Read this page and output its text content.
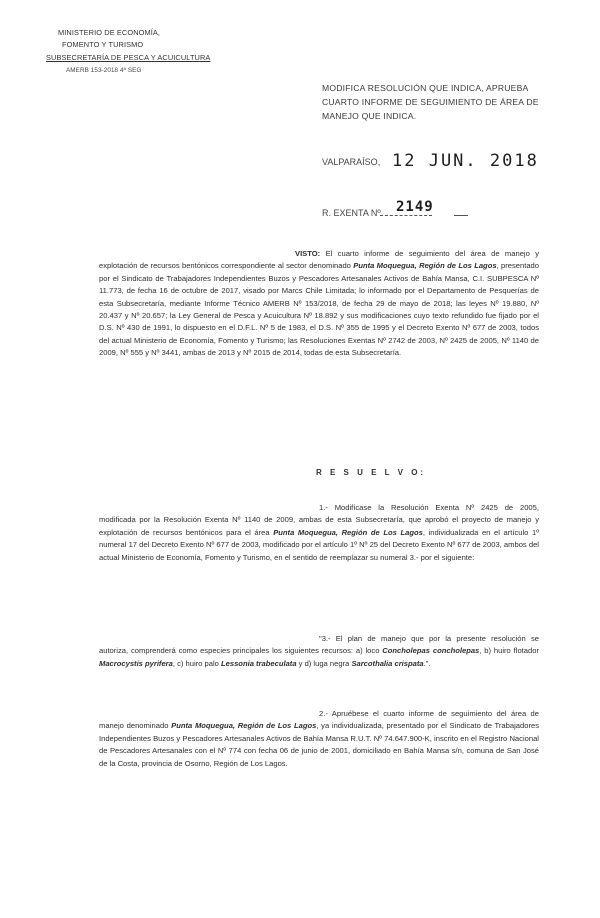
MINISTERIO DE ECONOMÍA,
FOMENTO Y TURISMO
SUBSECRETARÍA DE PESCA Y ACUICULTURA
AMERB 153-2018 4ª SEG
MODIFICA RESOLUCIÓN QUE INDICA, APRUEBA
CUARTO INFORME DE SEGUIMIENTO DE ÁREA DE
MANEJO QUE INDICA.
VALPARAÍSO, 12 JUN. 2018
R. EXENTA Nº 2149
VISTO: El cuarto informe de seguimiento del área de manejo y explotación de recursos bentónicos correspondiente al sector denominado Punta Moquegua, Región de Los Lagos, presentado por el Sindicato de Trabajadores Independientes Buzos y Pescadores Artesanales Activos de Bahía Mansa, C.I. SUBPESCA Nº 11.773, de fecha 16 de octubre de 2017, visado por Marcs Chile Limitada; lo informado por el Departamento de Pesquerías de esta Subsecretaría, mediante Informe Técnico AMERB Nº 153/2018, de fecha 29 de mayo de 2018; las leyes Nº 19.880, Nº 20.437 y Nº 20.657; la Ley General de Pesca y Acuicultura Nº 18.892 y sus modificaciones cuyo texto refundido fue fijado por el D.S. Nº 430 de 1991, lo dispuesto en el D.F.L. Nº 5 de 1983, el D.S. Nº 355 de 1995 y el Decreto Exento Nº 677 de 2003, todos del actual Ministerio de Economía, Fomento y Turismo; las Resoluciones Exentas Nº 2742 de 2003, Nº 2425 de 2005, Nº 1140 de 2009, Nº 555 y Nº 3441, ambas de 2013 y Nº 2015 de 2014, todas de esta Subsecretaría.
R E S U E L V O:
1.- Modifícase la Resolución Exenta Nº 2425 de 2005, modificada por la Resolución Exenta Nº 1140 de 2009, ambas de esta Subsecretaría, que aprobó el proyecto de manejo y explotación de recursos bentónicos para el área Punta Moquegua, Región de Los Lagos, individualizada en el artículo 1º numeral 17 del Decreto Exento Nº 677 de 2003, modificado por el artículo 1º Nº 25 del Decreto Exento Nº 677 de 2003, ambos del actual Ministerio de Economía, Fomento y Turismo, en el sentido de reemplazar su numeral 3.- por el siguiente:
"3.- El plan de manejo que por la presente resolución se autoriza, comprenderá como especies principales los siguientes recursos: a) loco Concholepas concholepas, b) huiro flotador Macrocystis pyrifera, c) huiro palo Lessonia trabeculata y d) luga negra Sarcothalia crispata.".
2.- Apruébese el cuarto informe de seguimiento del área de manejo denominado Punta Moquegua, Región de Los Lagos, ya individualizada, presentado por el Sindicato de Trabajadores Independientes Buzos y Pescadores Artesanales Activos de Bahía Mansa R.U.T. Nº 74.647.900-K, inscrito en el Registro Nacional de Pescadores Artesanales con el Nº 774 con fecha 06 de junio de 2001, domiciliado en Bahía Mansa s/n, comuna de San José de la Costa, provincia de Osorno, Región de Los Lagos.
